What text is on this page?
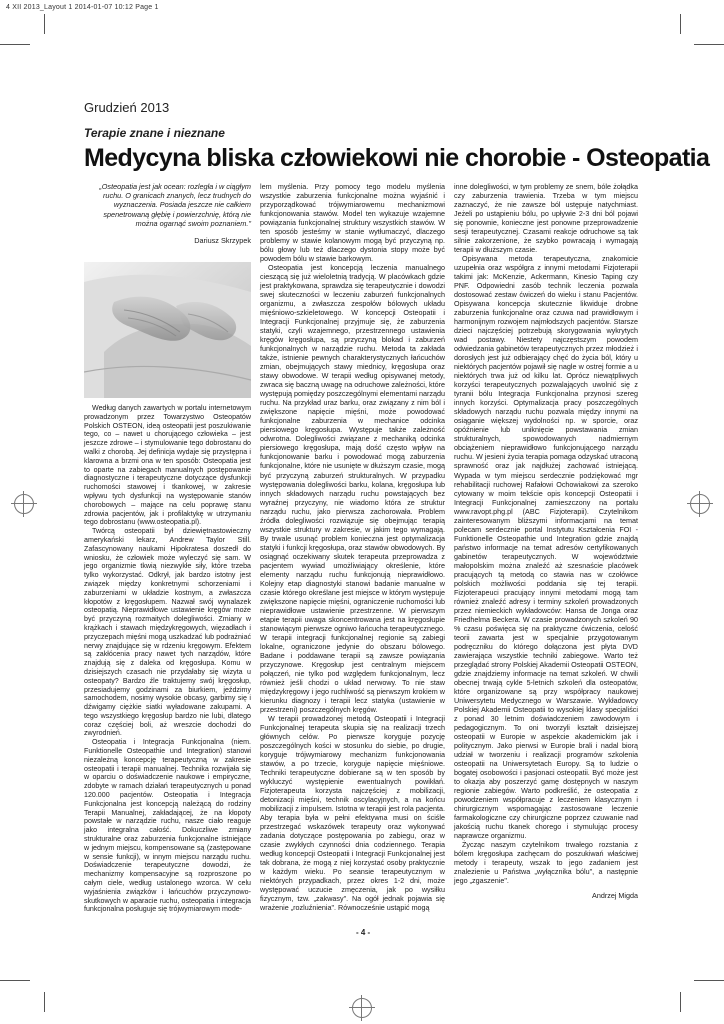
4 XII 2013_Layout 1 2014-01-07 10:12 Page 1
Grudzień 2013
Terapie znane i nieznane
Medycyna bliska człowiekowi nie chorobie - Osteopatia
„Osteopatia jest jak ocean: rozległa i w ciągłym ruchu. O granicach znanych, lecz trudnych do wyznaczenia. Posiada jeszcze nie całkiem spenetrowaną głębię i powierzchnię, którą nie można ogarnąć swoim poznaniem."
Dariusz Skrzypek

Według danych zawartych w portalu internetowym prowadzonym przez Towarzystwo Osteopatów Polskich OSTEON, ideą osteopatii jest poszukiwanie tego, co – nawet u chorującego człowieka – jest jeszcze zdrowe – i stymulowanie tego dobrostanu do walki z chorobą. Jej definicja wydaje się przystępna i klarowna a brzmi ona w ten sposób: Osteopatia jest to oparte na zabiegach manualnych postępowanie diagnostyczne i terapeutyczne dotyczące dysfunkcji ruchomości stawowej i tkankowej, w zakresie wpływu tych dysfunkcji na występowanie stanów chorobowych – mające na celu poprawę stanu zdrowia pacjentów, jak i profilaktykę w utrzymaniu tego dobrostanu (www.osteopatia.pl).

Twórcą osteopatii był dziewiętnastowieczny amerykański lekarz, Andrew Taylor Still. Zafascynowany naukami Hipokratesa doszedł do wniosku, że człowiek może wyleczyć się sam. W jego organizmie tkwią niezwykłe siły, które trzeba tylko wykorzystać. Odkrył, jak bardzo istotny jest związek między konkretnymi schorzeniami i zaburzeniami w układzie kostnym, a zwłaszcza kłopotów z kręgosłupem. Nazwał swój wynalazek osteopatią. Nieprawidłowe ustawienie kręgów może być przyczyną rozmaitych dolegliwości. Zmiany w krążkach i stawach międzykręgowych, więzadłach i przyczepach mięśni mogą uszkadzać lub podrażniać nerwy znajdujące się w rdzeniu kręgowym. Efektem są zakłócenia pracy nawet tych narządów, które znajdują się z daleka od kręgosłupa. Komu w dzisiejszych czasach nie przydałaby się wizyta u osteopaty? Bardzo źle traktujemy swój kręgosłup, przesiadujemy godzinami za biurkiem, jeździmy samochodem, nosimy wysokie obcasy, garbimy się i dźwigamy ciężkie siatki wyładowane zakupami. A tego wszystkiego kręgosłup bardzo nie lubi, dlatego coraz częściej boli, aż wreszcie dochodzi do zwyrodnień.

Osteopatia i Integracja Funkcjonalna (niem. Funktionelle Osteopathie und Integration) stanowi niezależną koncepcję terapeutyczną w zakresie osteopatii i terapii manualnej. Technika rozwijała się w oparciu o doświadczenie naukowe i empiryczne, zdobyte w ramach działań terapeutycznych u ponad 120.000 pacjentów. Osteopatia i Integracja Funkcjonalna jest koncepcją należącą do rodziny Terapii Manualnej, zakładającej, że na kłopoty powstałe w narządzie ruchu, nasze ciało reaguje jako integralna całość. Dokuczliwe zmiany strukturalne oraz zaburzenia funkcjonalne istniejące w jednym miejscu, kompensowane są (zastępowane w sensie funkcji), w innym miejscu narządu ruchu. Doświadczenie terapeutyczne dowodzi, że mechanizmy kompensacyjne są rozproszone po całym ciele, według ustalonego wzorca. W celu wyjaśnienia związków i łańcuchów przyczynowo-skutkowych w aparacie ruchu, osteopatia i integracja funkcjonalna posługuje się trójwymiarowym mode-

lem myślenia. Przy pomocy tego modelu myślenia wszystkie zaburzenia funkcjonalne można wyjaśnić i przyporządkować trójwymiarowemu mechanizmowi funkcjonowania stawów. Model ten wykazuje wzajemne powiązania funkcjonalnej struktury wszystkich stawów. W ten sposób jesteśmy w stanie wytłumaczyć, dlaczego problemy w stawie kolanowym mogą być przyczyną np. bólu głowy lub też dlaczego dystonia stopy może być powodem bólu w stawie barkowym.

Osteopatia jest koncepcją leczenia manualnego cieszącą się już wieloletnią tradycją. W placówkach gdzie jest praktykowana, sprawdza się terapeutycznie i dowodzi swej skuteczności w leczeniu zaburzeń funkcjonalnych organizmu, a zwłaszcza zespołów bólowych układu mięśniowo-szkieletowego. W koncepcji Osteopatii i Integracji Funkcjonalnej przyjmuje się, że zaburzenia statyki, czyli wzajemnego, przestrzennego ustawienia kręgów kręgosłupa, są przyczyną blokad i zaburzeń funkcjonalnych w narządzie ruchu. Metoda ta zakłada także, istnienie pewnych charakterystycznych łańcuchów zmian, obejmujących stawy miednicy, kręgosłupa oraz stawy obwodowe. W terapii według opisywanej metody, zwraca się baczną uwagę na odruchowe zależności, które występują pomiędzy poszczególnymi elementami narządu ruchu. Na przykład uraz barku, oraz związany z nim ból i zwiększone napięcie mięśni, może powodować funkcjonalne zaburzenia w mechanice odcinka piersiowego kręgosłupa. Występuje także zależność odwrotna. Dolegliwości związane z mechaniką odcinka piersiowego kręgosłupa, mają dość często wpływ na funkcjonowanie barku i powodować mogą zaburzenia funkcjonalne, które nie usunięte w dłuższym czasie, mogą być przyczyną zaburzeń strukturalnych. W przypadku występowania dolegliwości barku, kolana, kręgosłupa lub innych składowych narządu ruchu powstających bez wyraźnej przyczyny, nie wiadomo która ze struktur narządu ruchu, jako pierwsza zachorowała. Problem źródła dolegliwości rozwiązuje się obejmując terapią wszystkie struktury w zakresie, w jakim tego wymagają. By trwale usunąć problem konieczna jest optymalizacja statyki i funkcji kręgosłupa, oraz stawów obwodowych. By osiągnąć oczekiwany skutek terapeuta przeprowadza z pacjentem wywiad umożliwiający określenie, które elementy narządu ruchu funkcjonują nieprawidłowo. Kolejny etap diagnostyki stanowi badanie manualne w czasie którego określane jest miejsce w którym występuje zwiększone napięcie mięśni, ograniczenie ruchomości lub nieprawidłowe ustawienie przestrzenne. W pierwszym etapie terapii uwaga skoncentrowana jest na kręgosłupie stanowiącym pierwsze ogniwo łańcucha terapeutycznego. W terapii integracji funkcjonalnej regionie są zabiegi lokalne, ograniczone jedynie do obszaru bólowego. Badane i poddawane terapii są zawsze powiązania przyczynowe. Kręgosłup jest centralnym miejscem połączeń, nie tylko pod względem funkcjonalnym, lecz również jeśli chodzi o układ nerwowy. To nie staw międzykręgowy i jego ruchliwość są pierwszym krokiem w kierunku diagnozy i terapii lecz statyka (ustawienie w przestrzeni) poszczególnych kręgów.

W terapii prowadzonej metodą Osteopatii i Integracji Funkcjonalnej terapeuta skupia się na realizacji trzech głównych celów. Po pierwsze koryguje pozycję poszczególnych kości w stosunku do siebie, po drugie, koryguje trójwymiarowy mechanizm funkcjonowania stawów, a po trzecie, koryguje napięcie mięśniowe. Techniki terapeutyczne dobierane są w ten sposób by wykluczyć występienie ewentualnych powikłań. Fizjoterapeuta korzysta najczęściej z mobilizacji, detonizacji mięśni, technik oscylacyjnych, a na końcu mobilizacji z impulsem. Istotna w terapii jest rola pacjenta. Aby terapia była w pełni efektywna musi on ściśle przestrzegać wskazówek terapeuty oraz wykonywać zadania dotyczące postępowania po zabiegu, oraz w czasie zwykłych czynności dnia codziennego. Terapia według koncepcji Osteopatii i Integracji Funkcjonalnej jest tak dobrana, że mogą z niej korzystać osoby praktycznie w każdym wieku. Po seansie terapeutycznym w niektórych przypadkach, przez okres 1-2 dni, może występować uczucie zmęczenia, jak po wysiłku fizycznym, tzw. „zakwasy". Na ogół jednak pojawia się wrażenie „rozluźnienia". Równocześnie ustąpić mogą

inne dolegliwości, w tym problemy ze snem, bóle żołądka czy zaburzenia trawienia. Trzeba w tym miejscu zaznaczyć, że nie zawsze ból ustępuje natychmiast. Jeżeli po ustąpieniu bólu, po upływie 2-3 dni ból pojawi się ponownie, konieczne jest ponowne przeprowadzenie sesji terapeutycznej. Czasami reakcje odruchowe są tak silnie zakorzenione, że szybko powracają i wymagają terapii w dłuższym czasie.

Opisywana metoda terapeutyczna, znakomicie uzupełnia oraz współgra z innymi metodami Fizjoterapii takimi jak: McKenzie, Ackermann, Kinesio Taping czy PNF. Odpowiedni zasób technik leczenia pozwala dostosować zestaw ćwiczeń do wieku i stanu Pacjentów. Opisywana koncepcja skutecznie likwiduje drobne zaburzenia funkcjonalne oraz czuwa nad prawidłowym i harmonijnym rozwojem najmłodszych pacjentów. Starsze dzieci najczęściej potrzebują skorygowania wykrytych wad postawy. Niestety najczęstszym powodem odwiedzania gabinetów terapeutycznych przez młodzież i dorosłych jest już odbierający chęć do życia ból, który u niektórych pacjentów pojawił się nagle w ostrej formie a u niektórych trwa już od kilku lat. Oprócz niewątpliwych korzyści terapeutycznych pozwalających uwolnić się z tyranii bólu Integracja Funkcjonalna przynosi szereg innych korzyści. Optymalizacja pracy poszczególnych składowych narządu ruchu pozwala między innymi na osiąganie większej wydolności np. w sporcie, oraz opóźnienie lub uniknięcie powstawania zmian strukturalnych, spowodowanych nadmiernym obciążeniem nieprawidłowo funkcjonującego narządu ruchu. W jesieni życia terapia pomaga odzyskać utraconą sprawność oraz jak najdłużej zachować istniejącą. Wypada w tym miejscu serdecznie podziękować mgr rehabilitacji ruchowej Rafałowi Ochowiakowi za szeroko cytowany w moim tekście opis koncepcji Osteopatii i Integracji Funkcjonalnej zamieszczony na portalu www.ravopt.phg.pl (ABC Fizjoterapii). Czytelnikom zainteresowanym bliższymi informacjami na temat polecam serdecznie portal Instytutu Kształcenia FOI - Funktionelle Osteopathie und Integration gdzie znajdą państwo informacje na temat adresów certyfikowanych gabinetów terapeutycznych. W województwie małopolskim można znaleźć aż szesnaście placówek pracujących tą metodą co stawia nas w czołówce polskich możliwości poddania się tej terapii. Fizjoterapeuci pracujący innymi metodami mogą tam również znaleźć adresy i terminy szkoleń prowadzonych przez niemieckich wykładowców: Hansa de Jonga oraz Friedhelma Beckera. W czasie prowadzonych szkoleń 90 % czasu poświęca się na praktyczne ćwiczenia, celość teorii zawarta jest w specjalnie przygotowanym podręczniku do którego dołączona jest płyta DVD zawierająca wszystkie techniki zabiegowe. Warto też przeglądać strony Polskiej Akademii Osteopatii OSTEON, gdzie znajdziemy informacje na temat szkoleń. W chwili obecnej trwają cykle 5-letnich szkoleń dla osteopatów, które organizowane są przy współpracy naukowej Uniwersytetu Medycznego w Warszawie. Wykładowcy Polskiej Akademii Osteopatii to wysokiej klasy specjaliści z ponad 30 letnim doświadczeniem zawodowym i pedagogicznym. To oni tworzyli kształt dzisiejszej osteopatii w Europie w aspekcie akademickim jak i politycznym. Jako pierwsi w Europie brali i nadal biorą udział w tworzeniu i realizacji programów szkolenia osteopatii na Uniwersytetach Europy. Są to ludzie o bogatej osobowości i pasjonaci osteopatii. Być może jest to okazja aby poszerzyć gamę dostępnych w naszym regionie zabiegów. Warto podkreślić, że osteopatia z powodzeniem współpracuje z leczeniem klasycznym i chirurgicznym wspomagając zastosowane leczenie farmakologiczne czy chirurgiczne poprzez czuwanie nad jakością ruchu tkanek chorego i stymulując procesy naprawcze organizmu.

Życząc naszym czytelnikom trwałego rozstania z bólem kręgosłupa zachęcam do poszukiwań właściwej metody i terapeuty, wszak to jego zadaniem jest znalezienie u Państwa „wyłącznika bólu", a następnie jego „zgaszenie".

Andrzej Migda
- 4 -
